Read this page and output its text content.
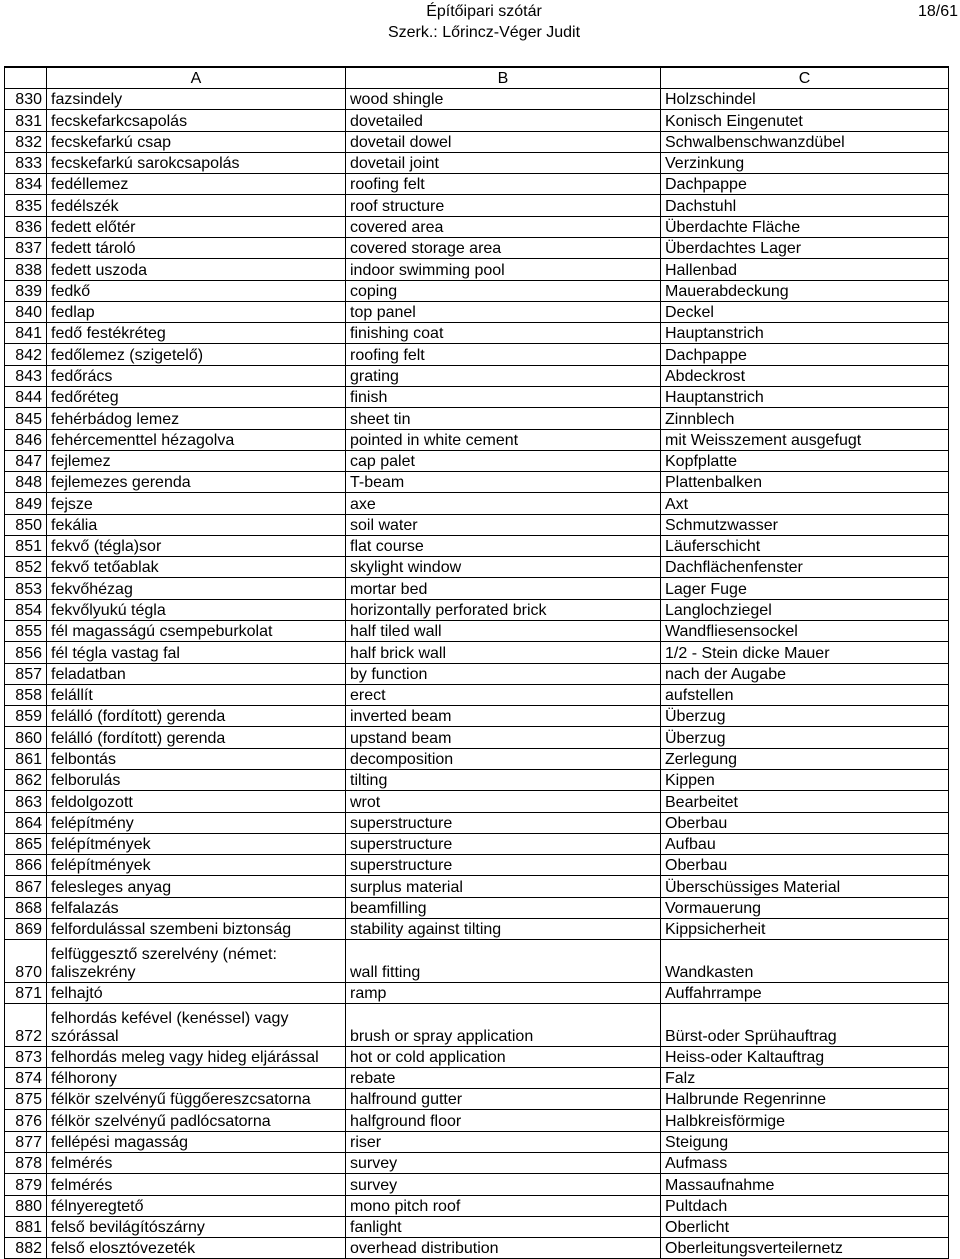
Építőipari szótár
Szerk.: Lőrincz-Véger Judit
18/61
	A	B	C
830	fazsindely	wood shingle	Holzschindel
831	fecskefarkcsapolás	dovetailed	Konisch Eingenutet
832	fecskefarkú csap	dovetail dowel	Schwalbenschwanzdübel
833	fecskefarkú sarokcsapolás	dovetail joint	Verzinkung
834	fedéllemez	roofing felt	Dachpappe
835	fedélszék	roof structure	Dachstuhl
836	fedett előtér	covered area	Überdachte Fläche
837	fedett tároló	covered storage area	Überdachtes Lager
838	fedett uszoda	indoor swimming pool	Hallenbad
839	fedkő	coping	Mauerabdeckung
840	fedlap	top panel	Deckel
841	fedő festékréteg	finishing coat	Hauptanstrich
842	fedőlemez (szigetelő)	roofing felt	Dachpappe
843	fedőrács	grating	Abdeckrost
844	fedőréteg	finish	Hauptanstrich
845	fehérbádog lemez	sheet tin	Zinnblech
846	fehércementtel hézagolva	pointed in white cement	mit Weisszement ausgefugt
847	fejlemez	cap palet	Kopfplatte
848	fejlemezes gerenda	T-beam	Plattenbalken
849	fejsze	axe	Axt
850	fekália	soil water	Schmutzwasser
851	fekvő (tégla)sor	flat course	Läuferschicht
852	fekvő tetőablak	skylight window	Dachflächenfenster
853	fekvőhézag	mortar bed	Lager Fuge
854	fekvőlyukú tégla	horizontally perforated brick	Langlochziegel
855	fél magasságú csempeburkolat	half tiled wall	Wandfliesensockel
856	fél tégla vastag fal	half brick wall	1/2 - Stein dicke Mauer
857	feladatban	by function	nach der Augabe
858	felállít	erect	aufstellen
859	felálló (fordított) gerenda	inverted beam	Überzug
860	felálló (fordított) gerenda	upstand beam	Überzug
861	felbontás	decomposition	Zerlegung
862	felborulás	tilting	Kippen
863	feldolgozott	wrot	Bearbeitet
864	felépítmény	superstructure	Oberbau
865	felépítmények	superstructure	Aufbau
866	felépítmények	superstructure	Oberbau
867	felesleges anyag	surplus material	Überschüssiges Material
868	felfalazás	beamfilling	Vormauerung
869	felfordulással szembeni biztonság	stability against tilting	Kippsicherheit
870	felfüggesztő szerelvény (német: faliszekrény	wall fitting	Wandkasten
871	felhajtó	ramp	Auffahrrampe
872	felhordás kefével (kenéssel) vagy szórással	brush or spray application	Bürst-oder Sprühauftrag
873	felhordás meleg vagy hideg eljárással	hot or cold application	Heiss-oder Kaltauftrag
874	félhorony	rebate	Falz
875	félkör szelvényű függőereszcsatorna	halfround gutter	Halbrunde Regenrinne
876	félkör szelvényű padlócsatorna	halfground floor	Halbkreisförmige
877	fellépési magasság	riser	Steigung
878	felmérés	survey	Aufmass
879	felmérés	survey	Massaufnahme
880	félnyeregtető	mono pitch roof	Pultdach
881	felső bevilágítószárny	fanlight	Oberlicht
882	felső elosztóvezeték	overhead distribution	Oberleitungsverteilernetz
